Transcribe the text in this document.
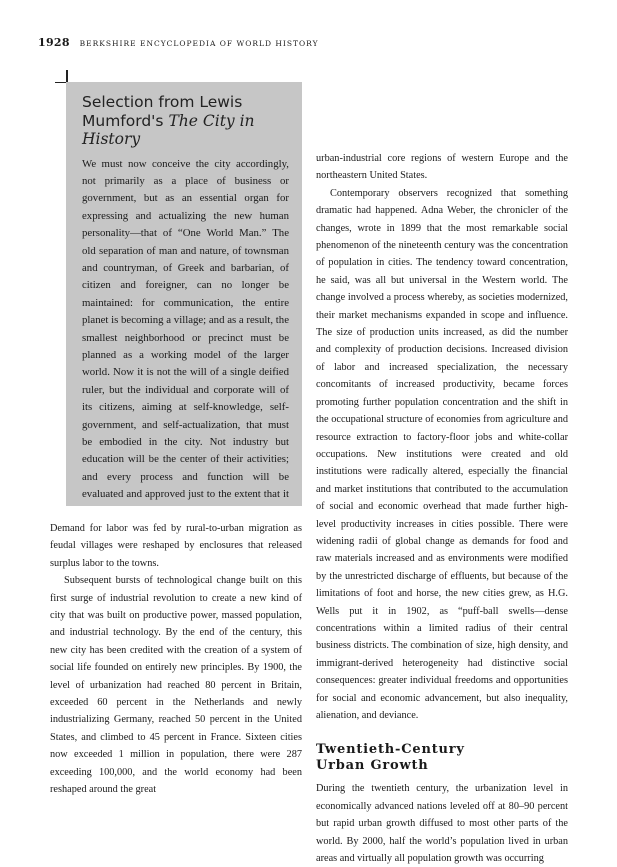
1928 BERKSHIRE ENCYCLOPEDIA OF WORLD HISTORY
Selection from Lewis Mumford's The City in History

We must now conceive the city accordingly, not primarily as a place of business or government, but as an essential organ for expressing and actualizing the new human personality—that of “One World Man.” The old separation of man and nature, of townsman and countryman, of Greek and barbarian, of citizen and foreigner, can no longer be maintained: for communication, the entire planet is becoming a village; and as a result, the smallest neighborhood or precinct must be planned as a working model of the larger world. Now it is not the will of a single deified ruler, but the individual and corporate will of its citizens, aiming at self-knowledge, self-government, and self-actualization, that must be embodied in the city. Not industry but education will be the center of their activities; and every process and function will be evaluated and approved just to the extent that it

Demand for labor was fed by rural-to-urban migration as feudal villages were reshaped by enclosures that released surplus labor to the towns.

Subsequent bursts of technological change built on this first surge of industrial revolution to create a new kind of city that was built on productive power, massed population, and industrial technology. By the end of the century, this new city has been credited with the creation of a system of social life founded on entirely new principles. By 1900, the level of urbanization had reached 80 percent in Britain, exceeded 60 percent in the Netherlands and newly industrializing Germany, reached 50 percent in the United States, and climbed to 45 percent in France. Sixteen cities now exceeded 1 million in population, there were 287 exceeding 100,000, and the world economy had been reshaped around the great

urban-industrial core regions of western Europe and the northeastern United States.

Contemporary observers recognized that something dramatic had happened. Adna Weber, the chronicler of the changes, wrote in 1899 that the most remarkable social phenomenon of the nineteenth century was the concentration of population in cities. The tendency toward concentration, he said, was all but universal in the Western world. The change involved a process whereby, as societies modernized, their market mechanisms expanded in scope and influence. The size of production units increased, as did the number and complexity of production decisions. Increased division of labor and increased specialization, the necessary concomitants of increased productivity, became forces promoting further population concentration and the shift in the occupational structure of economies from agriculture and resource extraction to factory-floor jobs and white-collar occupations. New institutions were created and old institutions were radically altered, especially the financial and market institutions that contributed to the accumulation of social and economic overhead that made further high-level productivity increases in cities possible. There were widening radii of global change as demands for food and raw materials increased and as environments were modified by the unrestricted discharge of effluents, but because of the limitations of foot and horse, the new cities grew, as H.G. Wells put it in 1902, as “puff-ball swells—dense concentrations within a limited radius of their central business districts. The combination of size, high density, and immigrant-derived heterogeneity had distinctive social consequences: greater individual freedoms and opportunities for social and economic advancement, but also inequality, alienation, and deviance.

Twentieth-Century
Urban Growth

During the twentieth century, the urbanization level in economically advanced nations leveled off at 80–90 percent but rapid urban growth diffused to most other parts of the world. By 2000, half the world’s population lived in urban areas and virtually all population growth was occurring
